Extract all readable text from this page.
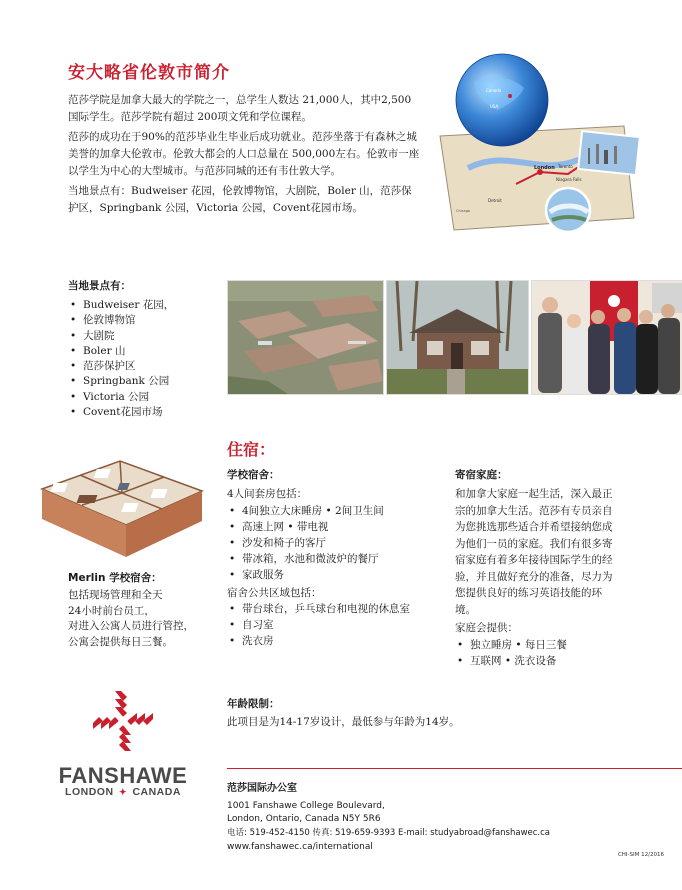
安大略省伦敦市简介

范莎学院是加拿大最大的学院之一，总学生人数达 21,000人，其中2,500国际学生。范莎学院有超过 200项文凭和学位课程。

范莎的成功在于90%的范莎毕业生毕业后成功就业。范莎坐落于有森林之城美誉的加拿大伦敦市。伦敦大都会的人口总量在 500,000左右。伦敦市一座以学生为中心的大型城市。与范莎同城的还有韦仕敦大学。

当地景点有：Budweiser 花园，伦敦博物馆，大剧院，Boler 山，范莎保护区，Springbank 公园，Victoria 公园，Covent花园市场。

London Toronto
Niagara Falls
Detroit
Chicago
Canada
USA
当地景点有：
• Budweiser 花园，
• 伦敦博物馆
• 大剧院
• Boler 山
• 范莎保护区
• Springbank 公园
• Victoria 公园
• Covent花园市场
Merlin 学校宿舍：
包括现场管理和全天
24小时前台员工，
对进入公寓人员进行管控，
公寓会提供每日三餐。
住宿：
学校宿舍：
4人间套房包括：
• 4间独立大床睡房 • 2间卫生间
• 高速上网 • 带电视
• 沙发和椅子的客厅
• 带冰箱，水池和微波炉的餐厅
• 家政服务
宿舍公共区域包括：
• 带台球台，乒乓球台和电视的休息室
• 自习室
• 洗衣房
寄宿家庭：
和加拿大家庭一起生活，深入最正宗的加拿大生活。范莎有专员亲自为您挑选那些适合并希望接纳您成为他们一员的家庭。我们有很多寄宿家庭有着多年接待国际学生的经验，并且做好充分的准备，尽力为您提供良好的练习英语技能的环境。
家庭会提供：
• 独立睡房 • 每日三餐
• 互联网 • 洗衣设备
年龄限制：
此项目是为14-17岁设计，最低参与年龄为14岁。
FANSHAWE
LONDON ✦ CANADA	范莎国际办公室
1001 Fanshawe College Boulevard,
London, Ontario, Canada N5Y 5R6
电话: 519-452-4150 传真: 519-659-9393 E-mail: studyabroad@fanshawec.ca
www.fanshawec.ca/international
CHI-SIM 12/2016
